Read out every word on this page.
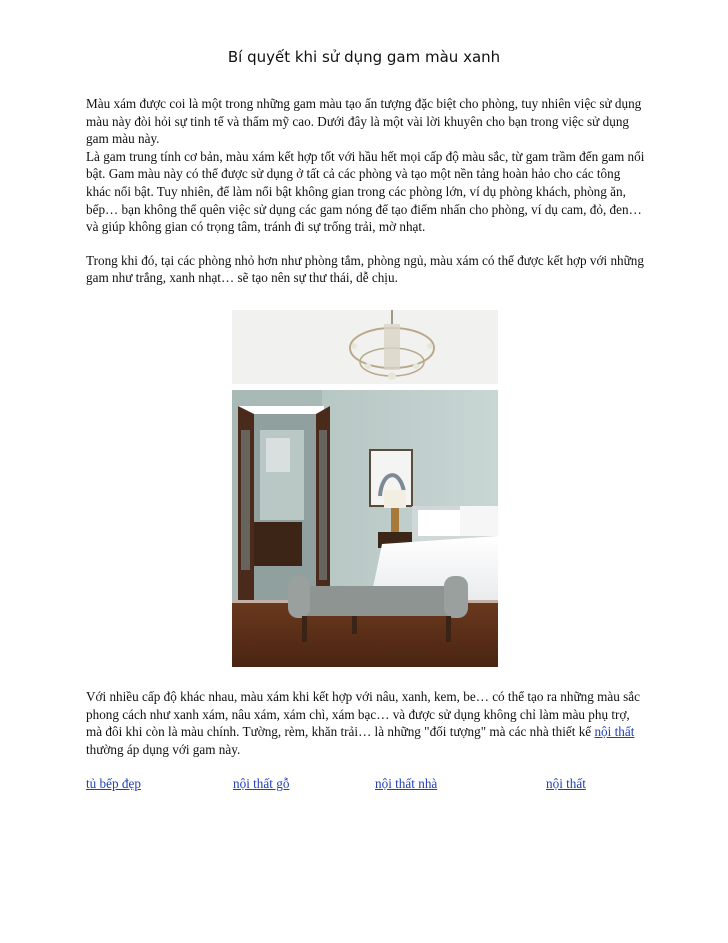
Bí quyết khi sử dụng gam màu xanh

Màu xám được coi là một trong những gam màu tạo ấn tượng đặc biệt cho phòng, tuy nhiên việc sử dụng màu này đòi hỏi sự tinh tế và thẩm mỹ cao. Dưới đây là một vài lời khuyên cho bạn trong việc sử dụng gam màu này.

Là gam trung tính cơ bản, màu xám kết hợp tốt với hầu hết mọi cấp độ màu sắc, từ gam trầm đến gam nổi bật. Gam màu này có thể được sử dụng ở tất cả các phòng và tạo một nền tảng hoàn hảo cho các tông khác nổi bật. Tuy nhiên, để làm nổi bật không gian trong các phòng lớn, ví dụ phòng khách, phòng ăn, bếp… bạn không thể quên việc sử dụng các gam nóng để tạo điểm nhấn cho phòng, ví dụ cam, đỏ, đen… và giúp không gian có trọng tâm, tránh đi sự trống trải, mờ nhạt.

Trong khi đó, tại các phòng nhỏ hơn như phòng tắm, phòng ngủ, màu xám có thể được kết hợp với những gam như trắng, xanh nhạt… sẽ tạo nên sự thư thái, dễ chịu.

Với nhiều cấp độ khác nhau, màu xám khi kết hợp với nâu, xanh, kem, be… có thể tạo ra những màu sắc phong cách như xanh xám, nâu xám, xám chì, xám bạc… và được sử dụng không chỉ làm màu phụ trợ, mà đôi khi còn là màu chính. Tường, rèm, khăn trải… là những "đối tượng" mà các nhà thiết kế nội thất thường áp dụng với gam này.
tủ bếp đẹp	nội thất gỗ	nội thất nhà	nội thất
